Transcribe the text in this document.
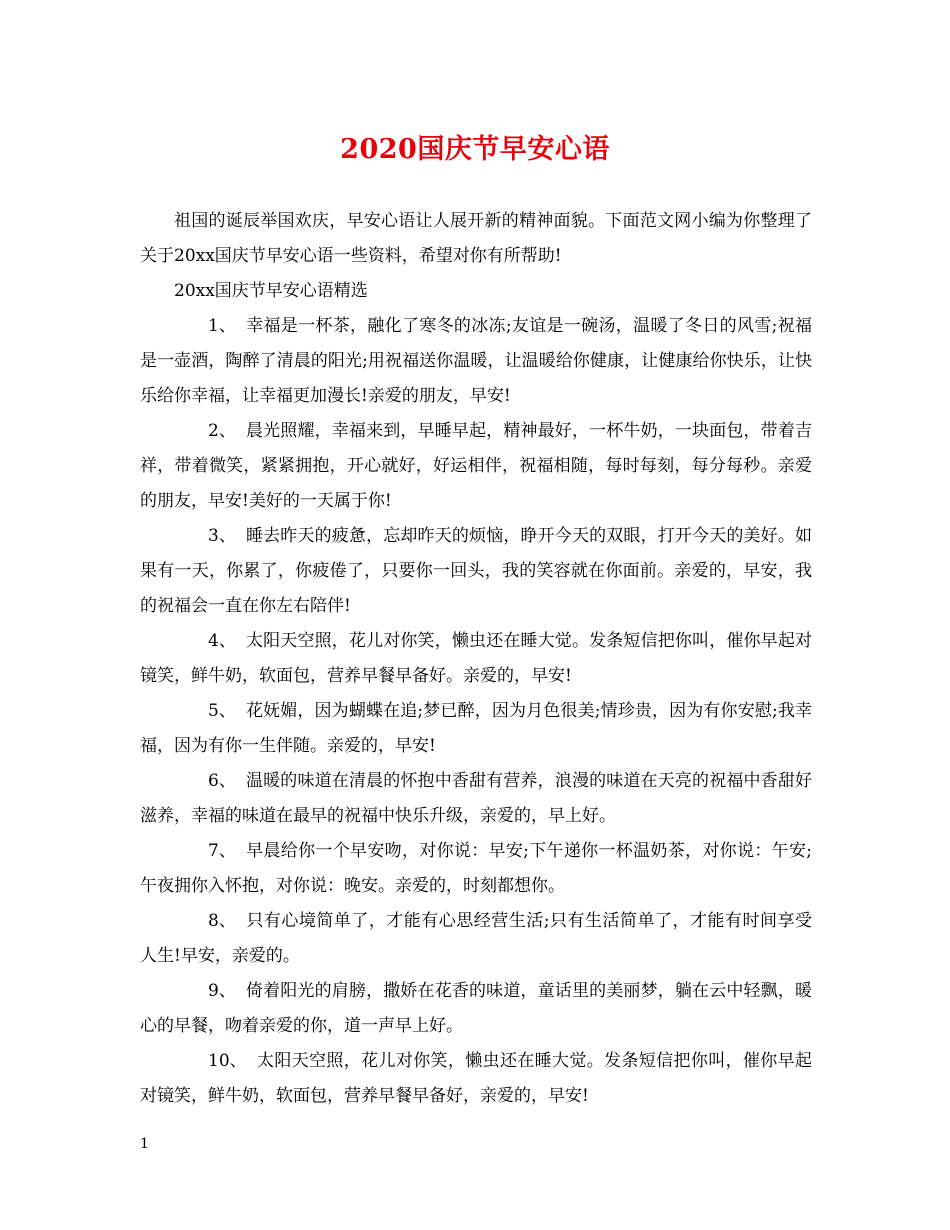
2020国庆节早安心语

祖国的诞辰举国欢庆，早安心语让人展开新的精神面貌。下面范文网小编为你整理了关于20xx国庆节早安心语一些资料，希望对你有所帮助!

20xx国庆节早安心语精选

1、 幸福是一杯茶，融化了寒冬的冰冻;友谊是一碗汤，温暖了冬日的风雪;祝福是一壶酒，陶醉了清晨的阳光;用祝福送你温暖，让温暖给你健康，让健康给你快乐，让快乐给你幸福，让幸福更加漫长!亲爱的朋友，早安!

2、 晨光照耀，幸福来到，早睡早起，精神最好，一杯牛奶，一块面包，带着吉祥，带着微笑，紧紧拥抱，开心就好，好运相伴，祝福相随，每时每刻，每分每秒。亲爱的朋友，早安!美好的一天属于你!

3、 睡去昨天的疲惫，忘却昨天的烦恼，睁开今天的双眼，打开今天的美好。如果有一天，你累了，你疲倦了，只要你一回头，我的笑容就在你面前。亲爱的，早安，我的祝福会一直在你左右陪伴!

4、 太阳天空照，花儿对你笑，懒虫还在睡大觉。发条短信把你叫，催你早起对镜笑，鲜牛奶，软面包，营养早餐早备好。亲爱的，早安!

5、 花妩媚，因为蝴蝶在追;梦已醉，因为月色很美;情珍贵，因为有你安慰;我幸福，因为有你一生伴随。亲爱的，早安!

6、 温暖的味道在清晨的怀抱中香甜有营养，浪漫的味道在天亮的祝福中香甜好滋养，幸福的味道在最早的祝福中快乐升级，亲爱的，早上好。

7、 早晨给你一个早安吻，对你说：早安;下午递你一杯温奶茶，对你说：午安;午夜拥你入怀抱，对你说：晚安。亲爱的，时刻都想你。

8、 只有心境简单了，才能有心思经营生活;只有生活简单了，才能有时间享受人生!早安，亲爱的。

9、 倚着阳光的肩膀，撒娇在花香的味道，童话里的美丽梦，躺在云中轻飘，暖心的早餐，吻着亲爱的你，道一声早上好。

10、 太阳天空照，花儿对你笑，懒虫还在睡大觉。发条短信把你叫，催你早起对镜笑，鲜牛奶，软面包，营养早餐早备好，亲爱的，早安!

1
